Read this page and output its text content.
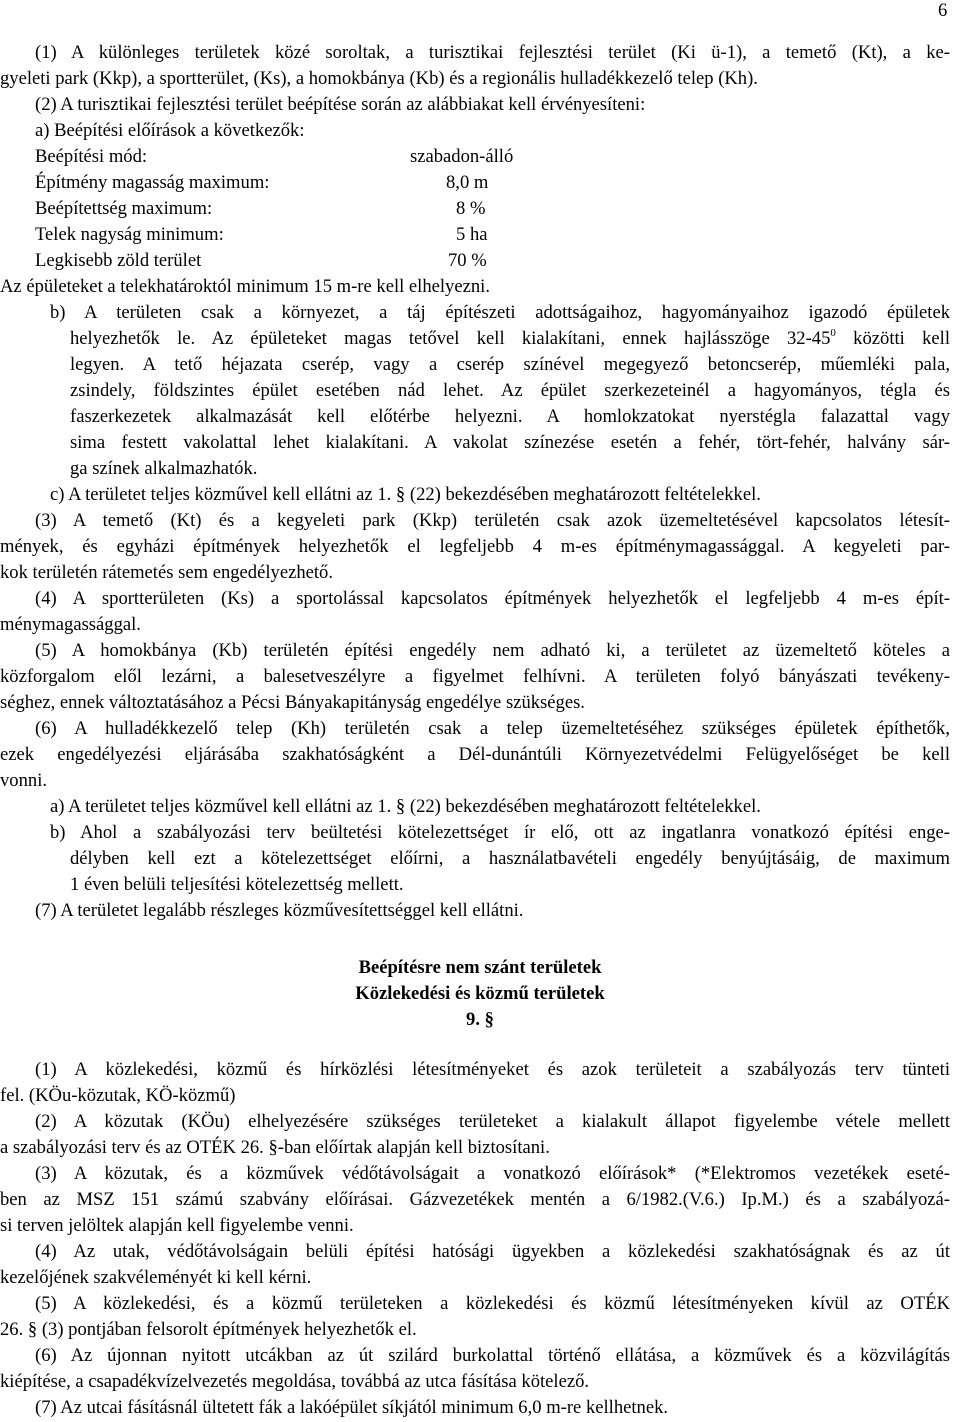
6
(1) A különleges területek közé soroltak, a turisztikai fejlesztési terület (Ki ü-1), a temető (Kt), a ke-
gyeleti park (Kkp), a sportterület, (Ks), a homokbánya (Kb) és a regionális hulladékkezelő telep (Kh).
(2) A turisztikai fejlesztési terület beépítése során az alábbiakat kell érvényesíteni:
a) Beépítési előírások a következők:
Beépítési mód:	szabadon-álló
Építmény magasság maximum:	8,0 m
Beépítettség maximum:	8 %
Telek nagyság minimum:	5 ha
Legkisebb zöld terület	70 %
Az épületeket a telekhatároktól minimum 15 m-re kell elhelyezni.
b) A területen csak a környezet, a táj építészeti adottságaihoz, hagyományaihoz igazodó épületek
helyezhetők le. Az épületeket magas tetővel kell kialakítani, ennek hajlásszöge $32-45^0$ közötti kell
legyen. A tető héjazata cserép, vagy a cserép színével megegyező betoncserép, műemléki pala,
zsindely, földszintes épület esetében nád lehet. Az épület szerkezeteinél a hagyományos, tégla és
faszerkezetek alkalmazását kell előtérbe helyezni. A homlokzatokat nyerstégla falazattal vagy
sima festett vakolattal lehet kialakítani. A vakolat színezése esetén a fehér, tört-fehér, halvány sár-
ga színek alkalmazhatók.
c) A területet teljes közművel kell ellátni az 1. § (22) bekezdésében meghatározott feltételekkel.
(3) A temető (Kt) és a kegyeleti park (Kkp) területén csak azok üzemeltetésével kapcsolatos létesít-
mények, és egyházi építmények helyezhetők el legfeljebb 4 m-es építménymagassággal. A kegyeleti par-
kok területén rátemetés sem engedélyezhető.
(4) A sportterületen (Ks) a sportolással kapcsolatos építmények helyezhetők el legfeljebb 4 m-es épít-
ménymagassággal.
(5) A homokbánya (Kb) területén építési engedély nem adható ki, a területet az üzemeltető köteles a
közforgalom elől lezárni, a balesetveszélyre a figyelmet felhívni. A területen folyó bányászati tevékeny-
séghez, ennek változtatásához a Pécsi Bányakapitányság engedélye szükséges.
(6) A hulladékkezelő telep (Kh) területén csak a telep üzemeltetéséhez szükséges épületek építhetők,
ezek engedélyezési eljárásába szakhatóságként a Dél-dunántúli Környezetvédelmi Felügyelőséget be kell
vonni.
a) A területet teljes közművel kell ellátni az 1. § (22) bekezdésében meghatározott feltételekkel.
b) Ahol a szabályozási terv beültetési kötelezettséget ír elő, ott az ingatlanra vonatkozó építési enge-
délyben kell ezt a kötelezettséget előírni, a használatbavételi engedély benyújtásáig, de maximum
1 éven belüli teljesítési kötelezettség mellett.
(7) A területet legalább részleges közművesítettséggel kell ellátni.
Beépítésre nem szánt területek
Közlekedési és közmű területek
9. §
(1) A közlekedési, közmű és hírközlési létesítményeket és azok területeit a szabályozás terv tünteti
fel. (KÖu-közutak, KÖ-közmű)
(2) A közutak (KÖu) elhelyezésére szükséges területeket a kialakult állapot figyelembe vétele mellett
a szabályozási terv és az OTÉK 26. §-ban előírtak alapján kell biztosítani.
(3) A közutak, és a közművek védőtávolságait a vonatkozó előírások* (*Elektromos vezetékek eseté-
ben az MSZ 151 számú szabvány előírásai. Gázvezetékek mentén a 6/1982.(V.6.) Ip.M.) és a szabályozá-
si terven jelöltek alapján kell figyelembe venni.
(4) Az utak, védőtávolságain belüli építési hatósági ügyekben a közlekedési szakhatóságnak és az út
kezelőjének szakvéleményét ki kell kérni.
(5) A közlekedési, és a közmű területeken a közlekedési és közmű létesítményeken kívül az OTÉK
26. § (3) pontjában felsorolt építmények helyezhetők el.
(6) Az újonnan nyitott utcákban az út szilárd burkolattal történő ellátása, a közművek és a közvilágítás
kiépítése, a csapadékvízelvezetés megoldása, továbbá az utca fásítása kötelező.
(7) Az utcai fásításnál ültetett fák a lakóépület síkjától minimum 6,0 m-re kellhetnek.
